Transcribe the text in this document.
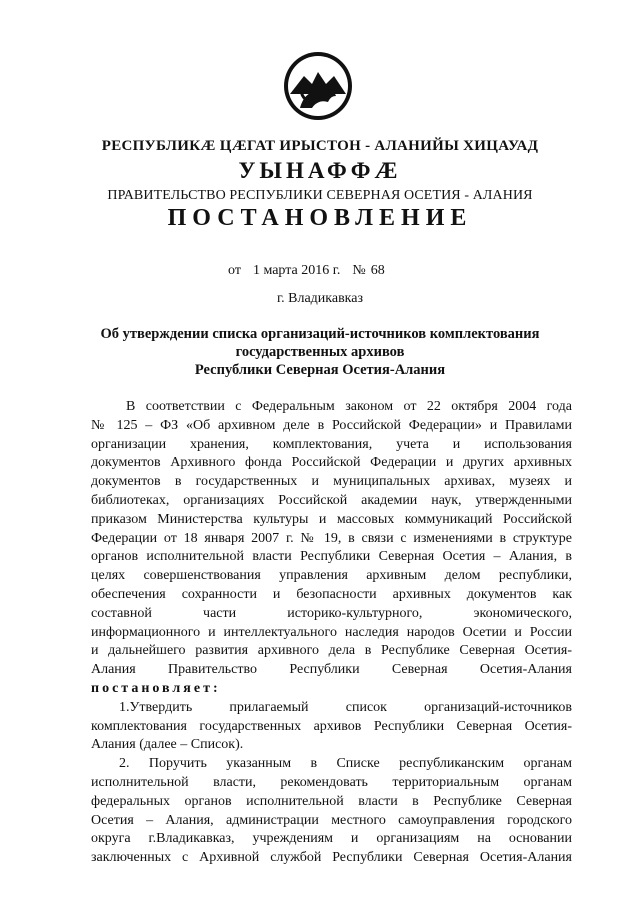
РЕСПУБЛИКÆ ЦÆГАТ ИРЫСТОН - АЛАНИЙЫ ХИЦАУАД
УЫНАФФÆ
ПРАВИТЕЛЬСТВО РЕСПУБЛИКИ СЕВЕРНАЯ ОСЕТИЯ - АЛАНИЯ
ПОСТАНОВЛЕНИЕ
от 1 марта 2016 г. № 68
г. Владикавказ
Об утверждении списка организаций-источников комплектования
государственных архивов
Республики Северная Осетия-Алания

В соответствии с Федеральным законом от 22 октября 2004 года

№ 125 – ФЗ «Об архивном деле в Российской Федерации» и Правилами

организации хранения, комплектования, учета и использования

документов Архивного фонда Российской Федерации и других архивных

документов в государственных и муниципальных архивах, музеях и

библиотеках, организациях Российской академии наук, утвержденными

приказом Министерства культуры и массовых коммуникаций Российской

Федерации от 18 января 2007 г. № 19, в связи с изменениями в структуре

органов исполнительной власти Республики Северная Осетия – Алания, в

целях совершенствования управления архивным делом республики,

обеспечения сохранности и безопасности архивных документов как

составной части историко-культурного, экономического,

информационного и интеллектуального наследия народов Осетии и России

и дальнейшего развития архивного дела в Республике Северная Осетия-

Алания Правительство Республики Северная Осетия-Алания

постановляет:

1.Утвердить прилагаемый список организаций-источников

комплектования государственных архивов Республики Северная Осетия-

Алания (далее – Список).

2. Поручить указанным в Списке республиканским органам

исполнительной власти, рекомендовать территориальным органам

федеральных органов исполнительной власти в Республике Северная

Осетия – Алания, администрации местного самоуправления городского

округа г.Владикавказ, учреждениям и организациям на основании

заключенных с Архивной службой Республики Северная Осетия-Алания
